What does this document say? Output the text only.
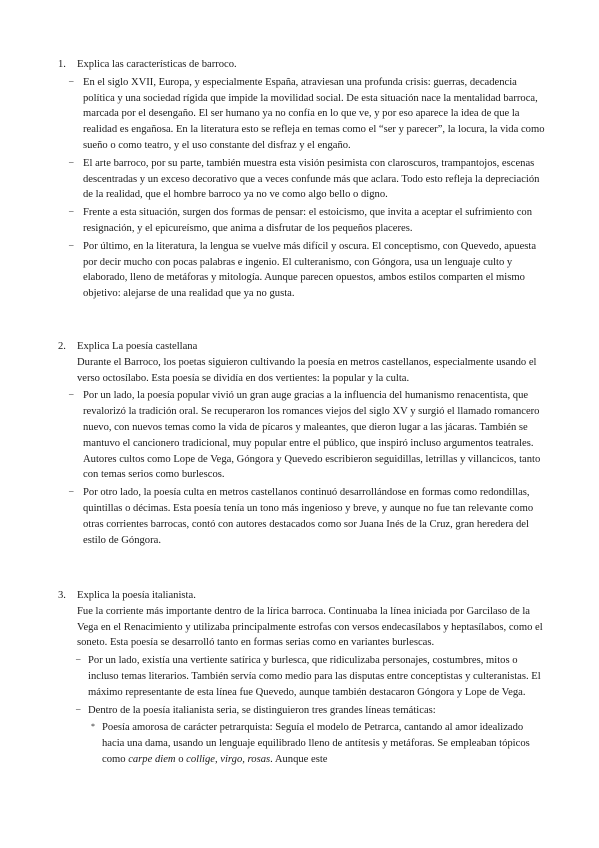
1. Explica las características de barroco.
– En el siglo XVII, Europa, y especialmente España, atraviesan una profunda crisis: guerras, decadencia política y una sociedad rígida que impide la movilidad social. De esta situación nace la mentalidad barroca, marcada por el desengaño. El ser humano ya no confía en lo que ve, y por eso aparece la idea de que la realidad es engañosa. En la literatura esto se refleja en temas como el “ser y parecer”, la locura, la vida como sueño o como teatro, y el uso constante del disfraz y el engaño.
– El arte barroco, por su parte, también muestra esta visión pesimista con claroscuros, trampantojos, escenas descentradas y un exceso decorativo que a veces confunde más que aclara. Todo esto refleja la depreciación de la realidad, que el hombre barroco ya no ve como algo bello o digno.
– Frente a esta situación, surgen dos formas de pensar: el estoicismo, que invita a aceptar el sufrimiento con resignación, y el epicureísmo, que anima a disfrutar de los pequeños placeres.
– Por último, en la literatura, la lengua se vuelve más difícil y oscura. El conceptismo, con Quevedo, apuesta por decir mucho con pocas palabras e ingenio. El culteranismo, con Góngora, usa un lenguaje culto y elaborado, lleno de metáforas y mitología. Aunque parecen opuestos, ambos estilos comparten el mismo objetivo: alejarse de una realidad que ya no gusta.
2. Explica La poesía castellana
Durante el Barroco, los poetas siguieron cultivando la poesía en metros castellanos, especialmente usando el verso octosílabo. Esta poesía se dividía en dos vertientes: la popular y la culta.
– Por un lado, la poesía popular vivió un gran auge gracias a la influencia del humanismo renacentista, que revalorizó la tradición oral. Se recuperaron los romances viejos del siglo XV y surgió el llamado romancero nuevo, con nuevos temas como la vida de pícaros y maleantes, que dieron lugar a las jácaras. También se mantuvo el cancionero tradicional, muy popular entre el público, que inspiró incluso argumentos teatrales. Autores cultos como Lope de Vega, Góngora y Quevedo escribieron seguidillas, letrillas y villancicos, tanto con temas serios como burlescos.
– Por otro lado, la poesía culta en metros castellanos continuó desarrollándose en formas como redondillas, quintillas o décimas. Esta poesía tenía un tono más ingenioso y breve, y aunque no fue tan relevante como otras corrientes barrocas, contó con autores destacados como sor Juana Inés de la Cruz, gran heredera del estilo de Góngora.
3. Explica la poesía italianista.
Fue la corriente más importante dentro de la lírica barroca. Continuaba la línea iniciada por Garcilaso de la Vega en el Renacimiento y utilizaba principalmente estrofas con versos endecasílabos y heptasílabos, como el soneto. Esta poesía se desarrolló tanto en formas serias como en variantes burlescas.
– Por un lado, existía una vertiente satírica y burlesca, que ridiculizaba personajes, costumbres, mitos o incluso temas literarios. También servía como medio para las disputas entre conceptistas y culteranistas. El máximo representante de esta línea fue Quevedo, aunque también destacaron Góngora y Lope de Vega.
– Dentro de la poesía italianista seria, se distinguieron tres grandes líneas temáticas:
* Poesía amorosa de carácter petrarquista: Seguía el modelo de Petrarca, cantando al amor idealizado hacia una dama, usando un lenguaje equilibrado lleno de antítesis y metáforas. Se empleaban tópicos como carpe diem o collige, virgo, rosas. Aunque este
